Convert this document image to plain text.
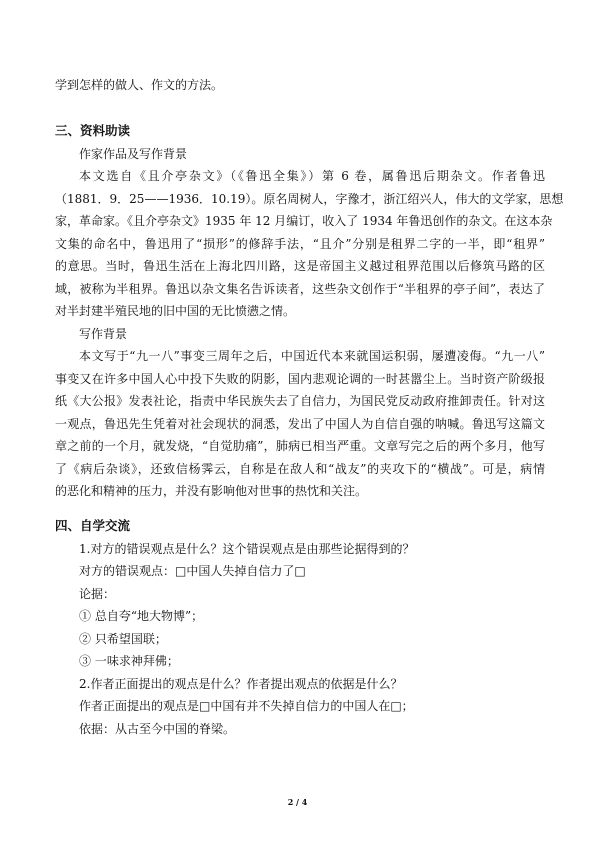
学到怎样的做人、作文的方法。
三、资料助读
作家作品及写作背景
本文选自《且介亭杂文》（《鲁迅全集》）第 6 卷，属鲁迅后期杂文。作者鲁迅
（1881．9．25——1936．10.19）。原名周树人，字豫才，浙江绍兴人，伟大的文学家，思想
家，革命家。《且介亭杂文》1935 年 12 月编订，收入了 1934 年鲁迅创作的杂文。在这本杂
文集的命名中，鲁迅用了“损形”的修辞手法，“且介”分别是租界二字的一半，即“租界”
的意思。当时，鲁迅生活在上海北四川路，这是帝国主义越过租界范围以后修筑马路的区
域，被称为半租界。鲁迅以杂文集名告诉读者，这些杂文创作于“半租界的亭子间”，表达了
对半封建半殖民地的旧中国的无比愤懑之情。
写作背景
本文写于“九一八”事变三周年之后，中国近代本来就国运积弱，屡遭凌侮。“九一八”
事变又在许多中国人心中投下失败的阴影，国内悲观论调的一时甚嚣尘上。当时资产阶级报
纸《大公报》发表社论，指责中华民族失去了自信力，为国民党反动政府推卸责任。针对这
一观点，鲁迅先生凭着对社会现状的洞悉，发出了中国人为自信自强的呐喊。鲁迅写这篇文
章之前的一个月，就发烧，“自觉肋痛”，肺病已相当严重。文章写完之后的两个多月，他写
了《病后杂谈》，还致信杨霁云，自称是在敌人和“战友”的夹攻下的“横战”。可是，病情
的恶化和精神的压力，并没有影响他对世事的热忱和关注。
四、自学交流
1.对方的错误观点是什么？这个错误观点是由那些论据得到的？
对方的错误观点：□中国人失掉自信力了□
论据：
① 总自夸“地大物博”；
② 只希望国联；
③ 一味求神拜佛；
2.作者正面提出的观点是什么？作者提出观点的依据是什么？
作者正面提出的观点是□中国有并不失掉自信力的中国人在□；
依据：从古至今中国的脊梁。
2 / 4
